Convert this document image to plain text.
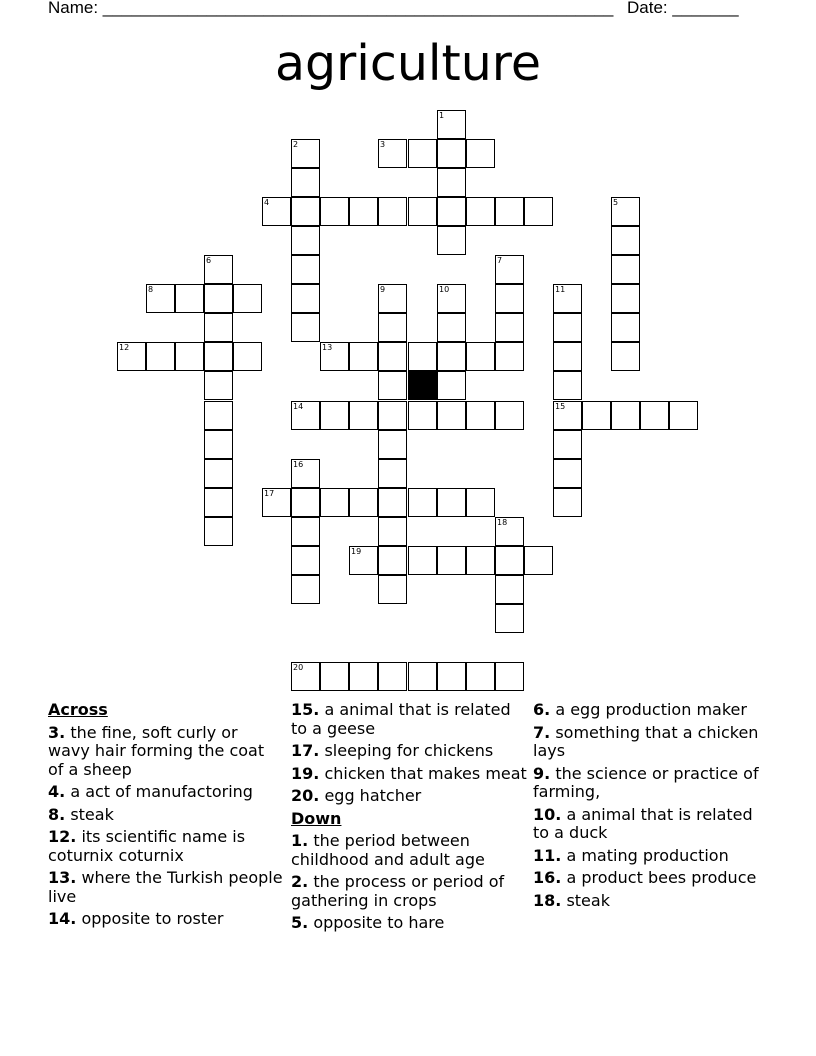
Name: ______________________________________________________ Date: _______
agriculture
1
2	3
4	5
6	7
8	9	10	11
15
12	13
14
16
17
18
19
20
Across
3. the fine, soft curly or wavy hair forming the coat of a sheep
4. a act of manufactoring
8. steak
12. its scientific name is coturnix coturnix
13. where the Turkish people live
14. opposite to roster
15. a animal that is related to a geese
17. sleeping for chickens
19. chicken that makes meat
20. egg hatcher
Down
1. the period between childhood and adult age
2. the process or period of gathering in crops
5. opposite to hare
6. a egg production maker
7. something that a chicken lays
9. the science or practice of farming,
10. a animal that is related to a duck
11. a mating production
16. a product bees produce
18. steak
